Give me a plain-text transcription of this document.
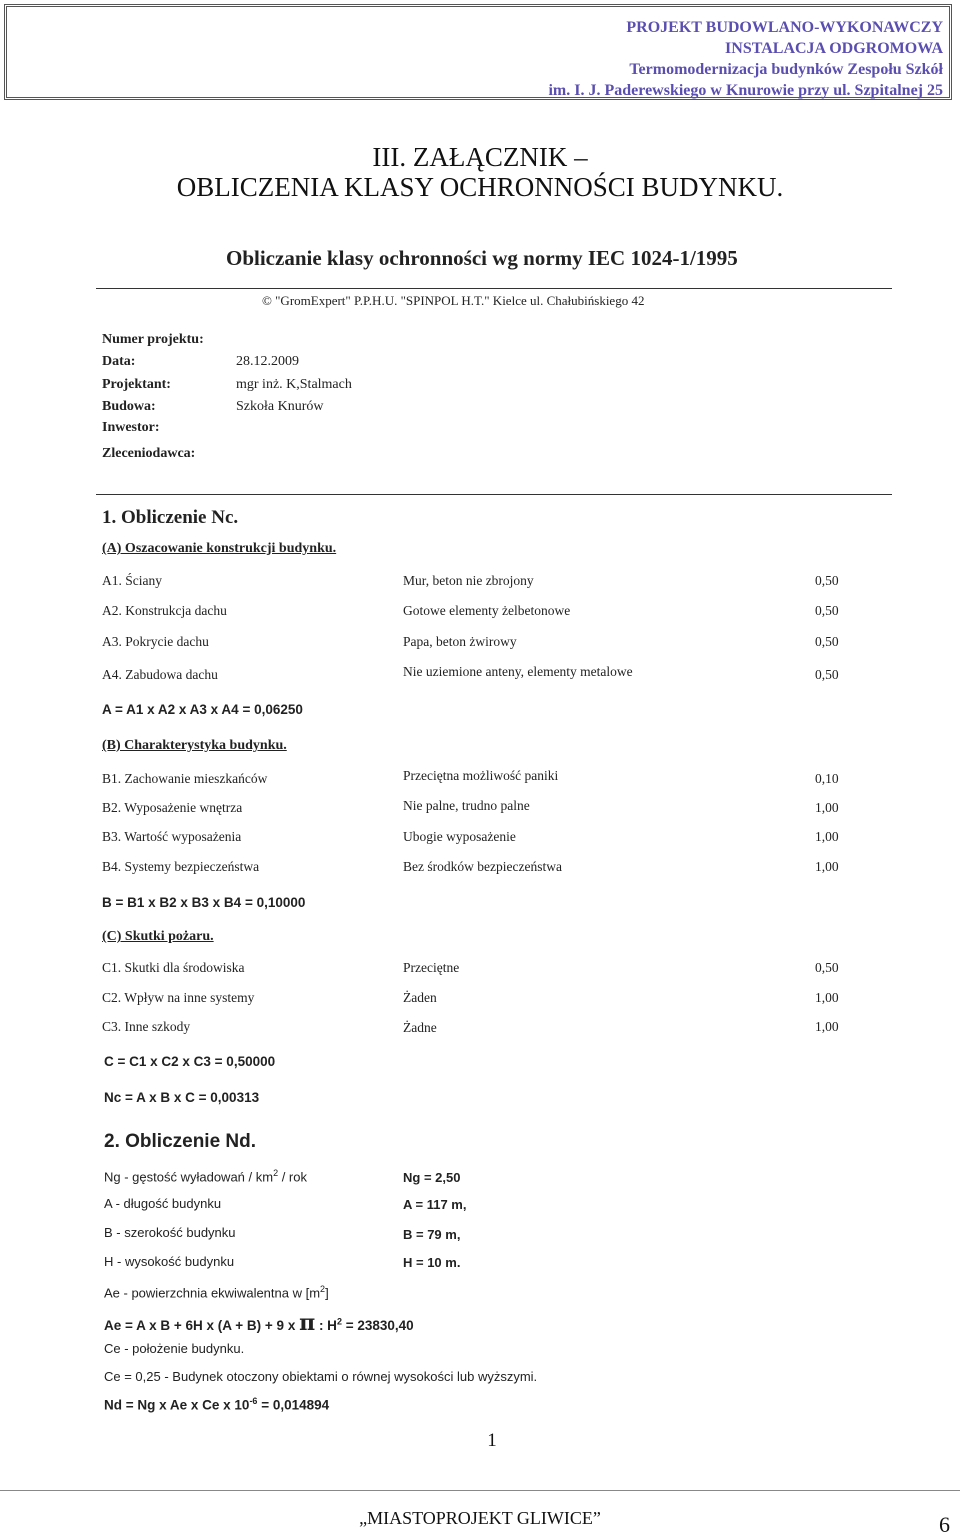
PROJEKT BUDOWLANO-WYKONAWCZY
INSTALACJA ODGROMOWA
Termomodernizacja budynków Zespołu Szkół
im. I. J. Paderewskiego w Knurowie przy ul. Szpitalnej 25
III. ZAŁĄCZNIK –
OBLICZENIA KLASY OCHRONNOŚCI BUDYNKU.
Obliczanie klasy ochronności wg normy IEC 1024-1/1995
© "GromExpert" P.P.H.U. "SPINPOL H.T." Kielce ul. Chałubińskiego 42
Numer projektu:
Data:	28.12.2009
Projektant:	mgr inż. K,Stalmach
Budowa:	Szkoła Knurów
Inwestor:
Zleceniodawca:
1. Obliczenie Nc.
(A) Oszacowanie konstrukcji budynku.
A1. Ściany	Mur, beton nie zbrojony	0,50
A2. Konstrukcja dachu	Gotowe elementy żelbetonowe	0,50
A3. Pokrycie dachu	Papa, beton żwirowy	0,50
A4. Zabudowa dachu	Nie uziemione anteny, elementy metalowe	0,50
A = A1 x A2 x A3 x A4 = 0,06250
(B) Charakterystyka budynku.
B1. Zachowanie mieszkańców	Przeciętna możliwość paniki	0,10
B2. Wyposażenie wnętrza	Nie palne, trudno palne	1,00
B3. Wartość wyposażenia	Ubogie wyposażenie	1,00
B4. Systemy bezpieczeństwa	Bez środków bezpieczeństwa	1,00
B = B1 x B2 x B3 x B4 = 0,10000
(C) Skutki pożaru.
C1. Skutki dla środowiska	Przeciętne	0,50
C2. Wpływ na inne systemy	Żaden	1,00
C3. Inne szkody	Żadne	1,00
C = C1 x C2 x C3 = 0,50000
Nc = A x B x C = 0,00313
2. Obliczenie Nd.
Ng - gęstość wyładowań / $km^2$ / rok	Ng = 2,50
A - długość budynku	A = 117 m,
B - szerokość budynku	B = 79 m,
H - wysokość budynku	H = 10 m.
Ae - powierzchnia ekwiwalentna w $[m^2]$
Ae = A x B + 6H x (A + B) + 9 x π : $H^2 = 23830,40$
Ce - położenie budynku.
Ce = 0,25 - Budynek otoczony obiektami o równej wysokości lub wyższymi.
Nd = Ng x Ae x Ce x $10^{-6} = 0,014894$
1
„MIASTOPROJEKT GLIWICE”	6
